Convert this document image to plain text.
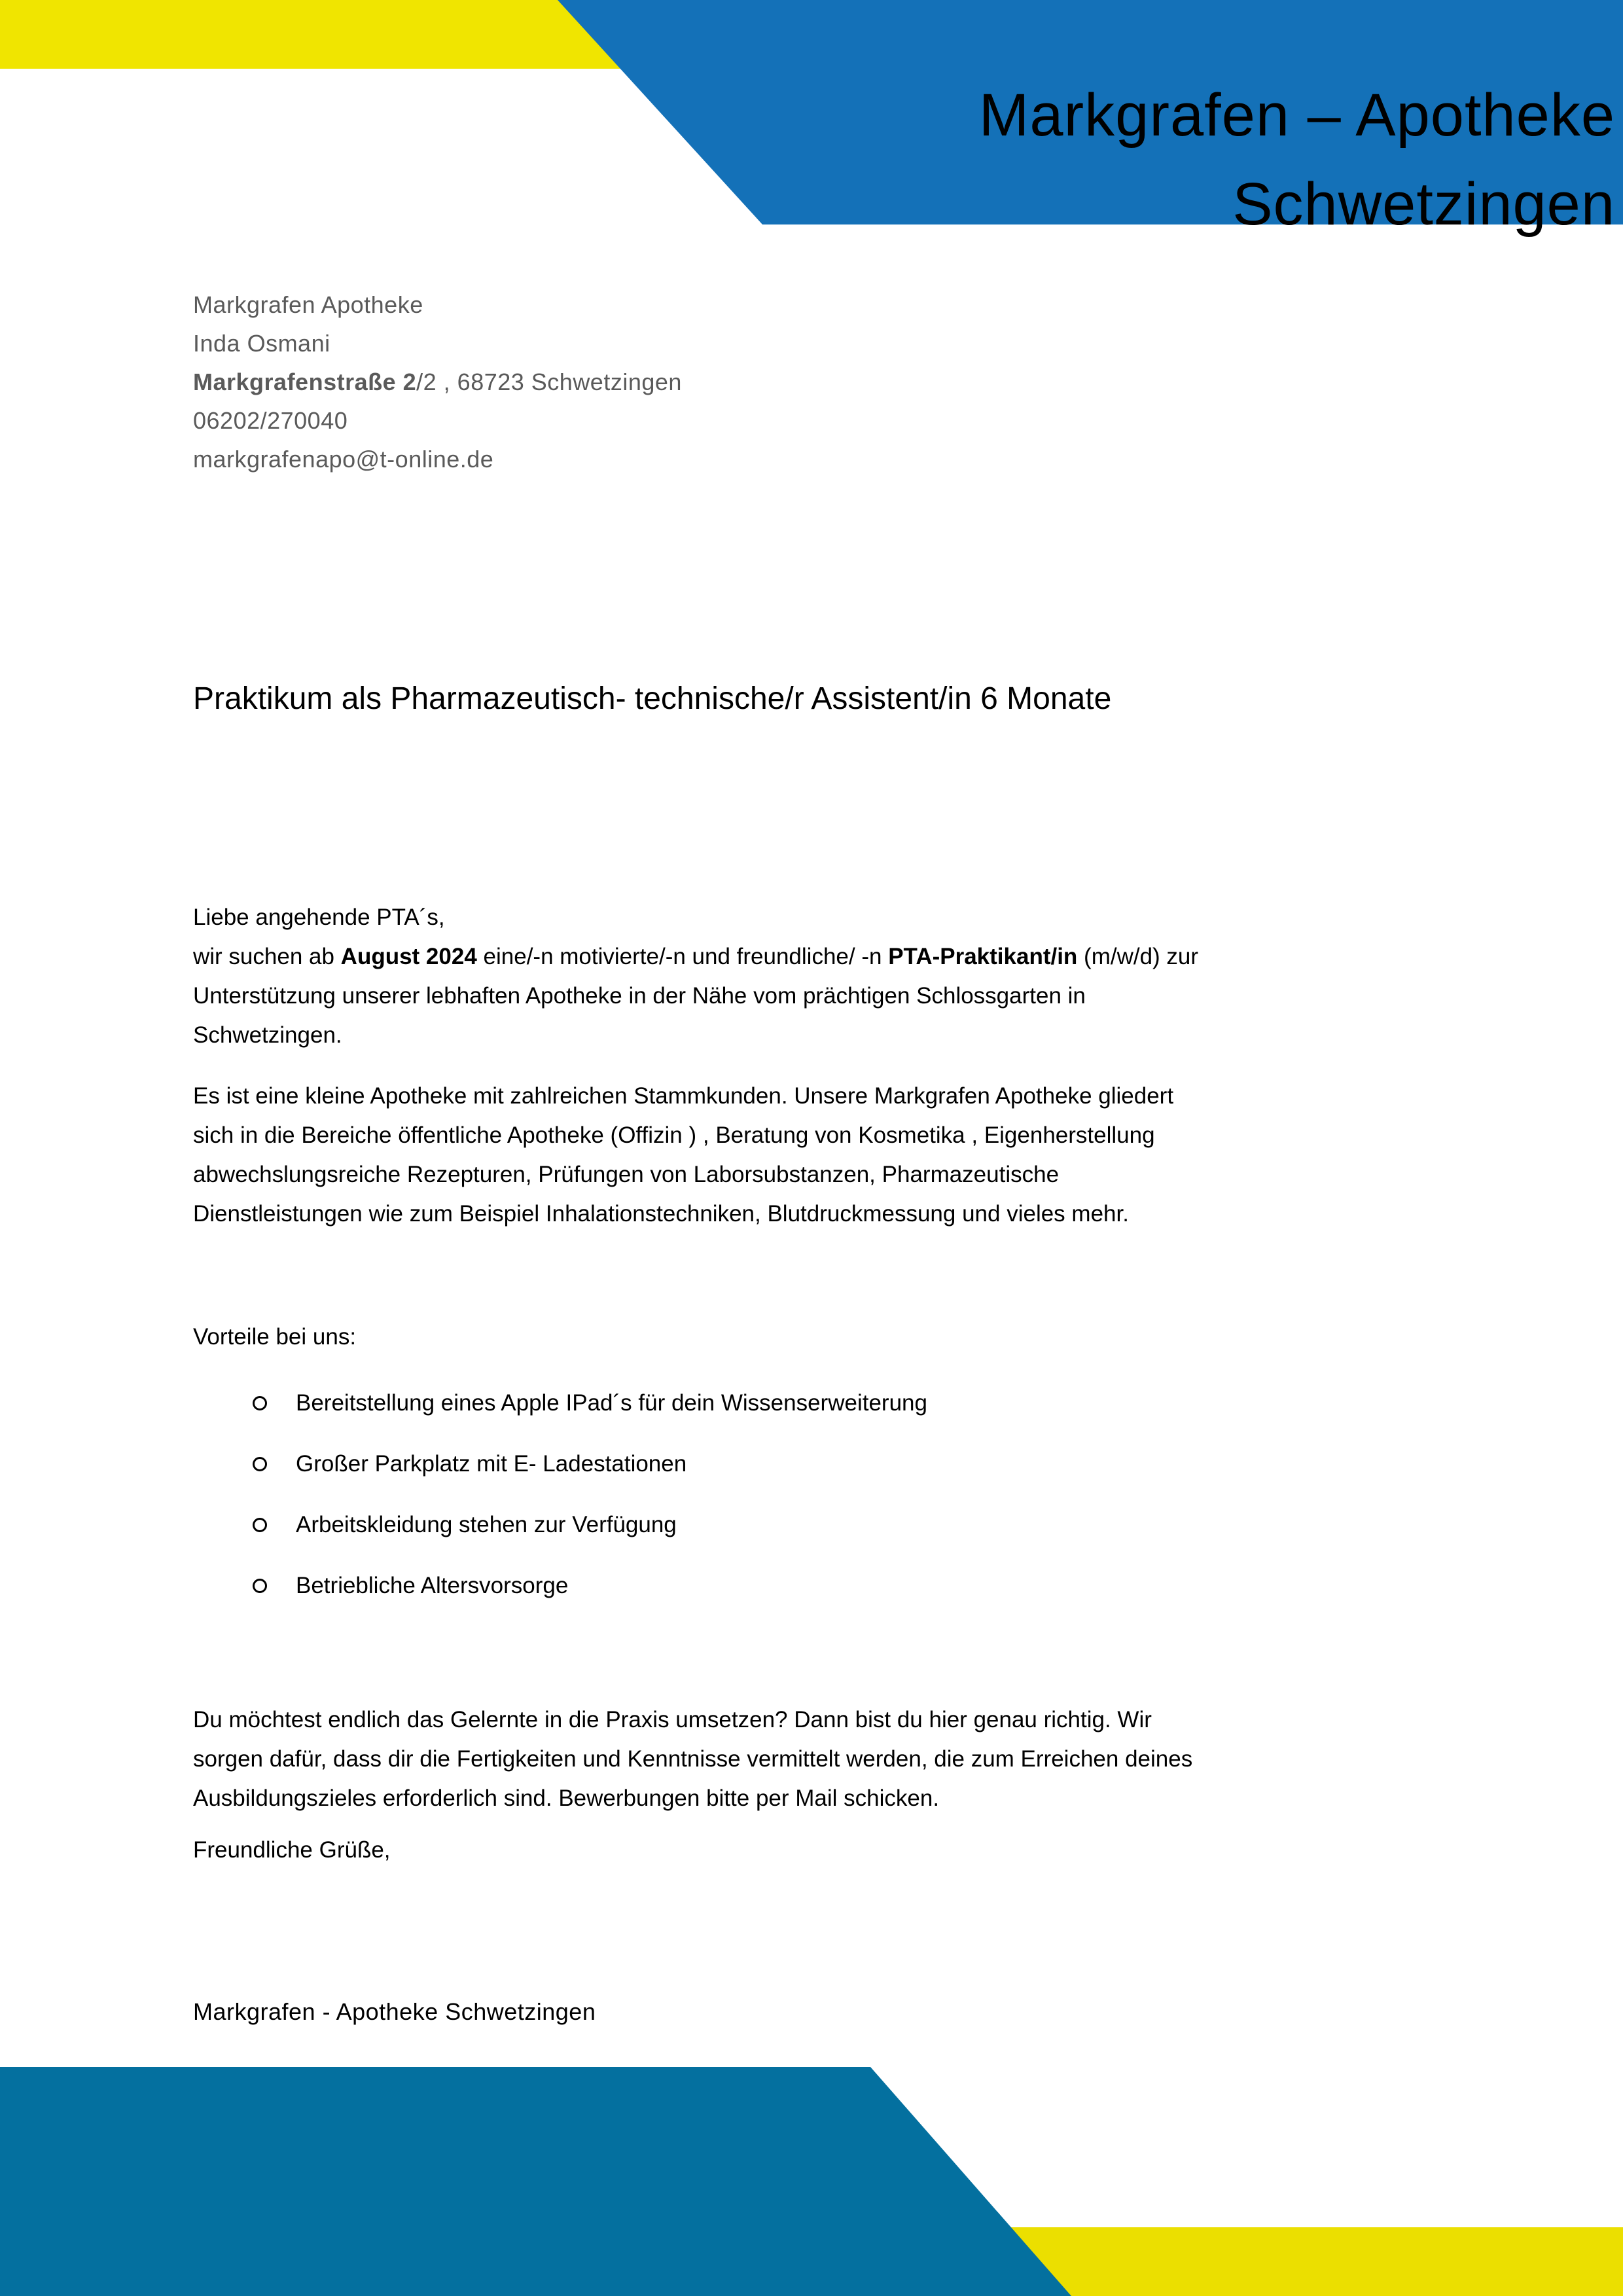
Markgrafen – Apotheke
Schwetzingen
Markgrafen Apotheke
Inda Osmani
Markgrafenstraße 2/2 , 68723 Schwetzingen
06202/270040
markgrafenapo@t-online.de
Praktikum als Pharmazeutisch- technische/r Assistent/in 6 Monate
Liebe angehende PTA´s,
wir suchen ab August 2024 eine/-n motivierte/-n und freundliche/ -n PTA-Praktikant/in (m/w/d) zur
Unterstützung unserer lebhaften Apotheke in der Nähe vom prächtigen Schlossgarten in
Schwetzingen.
Es ist eine kleine Apotheke mit zahlreichen Stammkunden. Unsere Markgrafen Apotheke gliedert
sich in die Bereiche öffentliche Apotheke (Offizin ) , Beratung von Kosmetika , Eigenherstellung
abwechslungsreiche Rezepturen, Prüfungen von Laborsubstanzen, Pharmazeutische
Dienstleistungen wie zum Beispiel Inhalationstechniken, Blutdruckmessung und vieles mehr.
Vorteile bei uns:
Bereitstellung eines Apple IPad´s für dein Wissenserweiterung
Großer Parkplatz mit E- Ladestationen
Arbeitskleidung stehen zur Verfügung
Betriebliche Altersvorsorge
Du möchtest endlich das Gelernte in die Praxis umsetzen? Dann bist du hier genau richtig. Wir
sorgen dafür, dass dir die Fertigkeiten und Kenntnisse vermittelt werden, die zum Erreichen deines
Ausbildungszieles erforderlich sind. Bewerbungen bitte per Mail schicken.
Freundliche Grüße,
Markgrafen - Apotheke Schwetzingen
